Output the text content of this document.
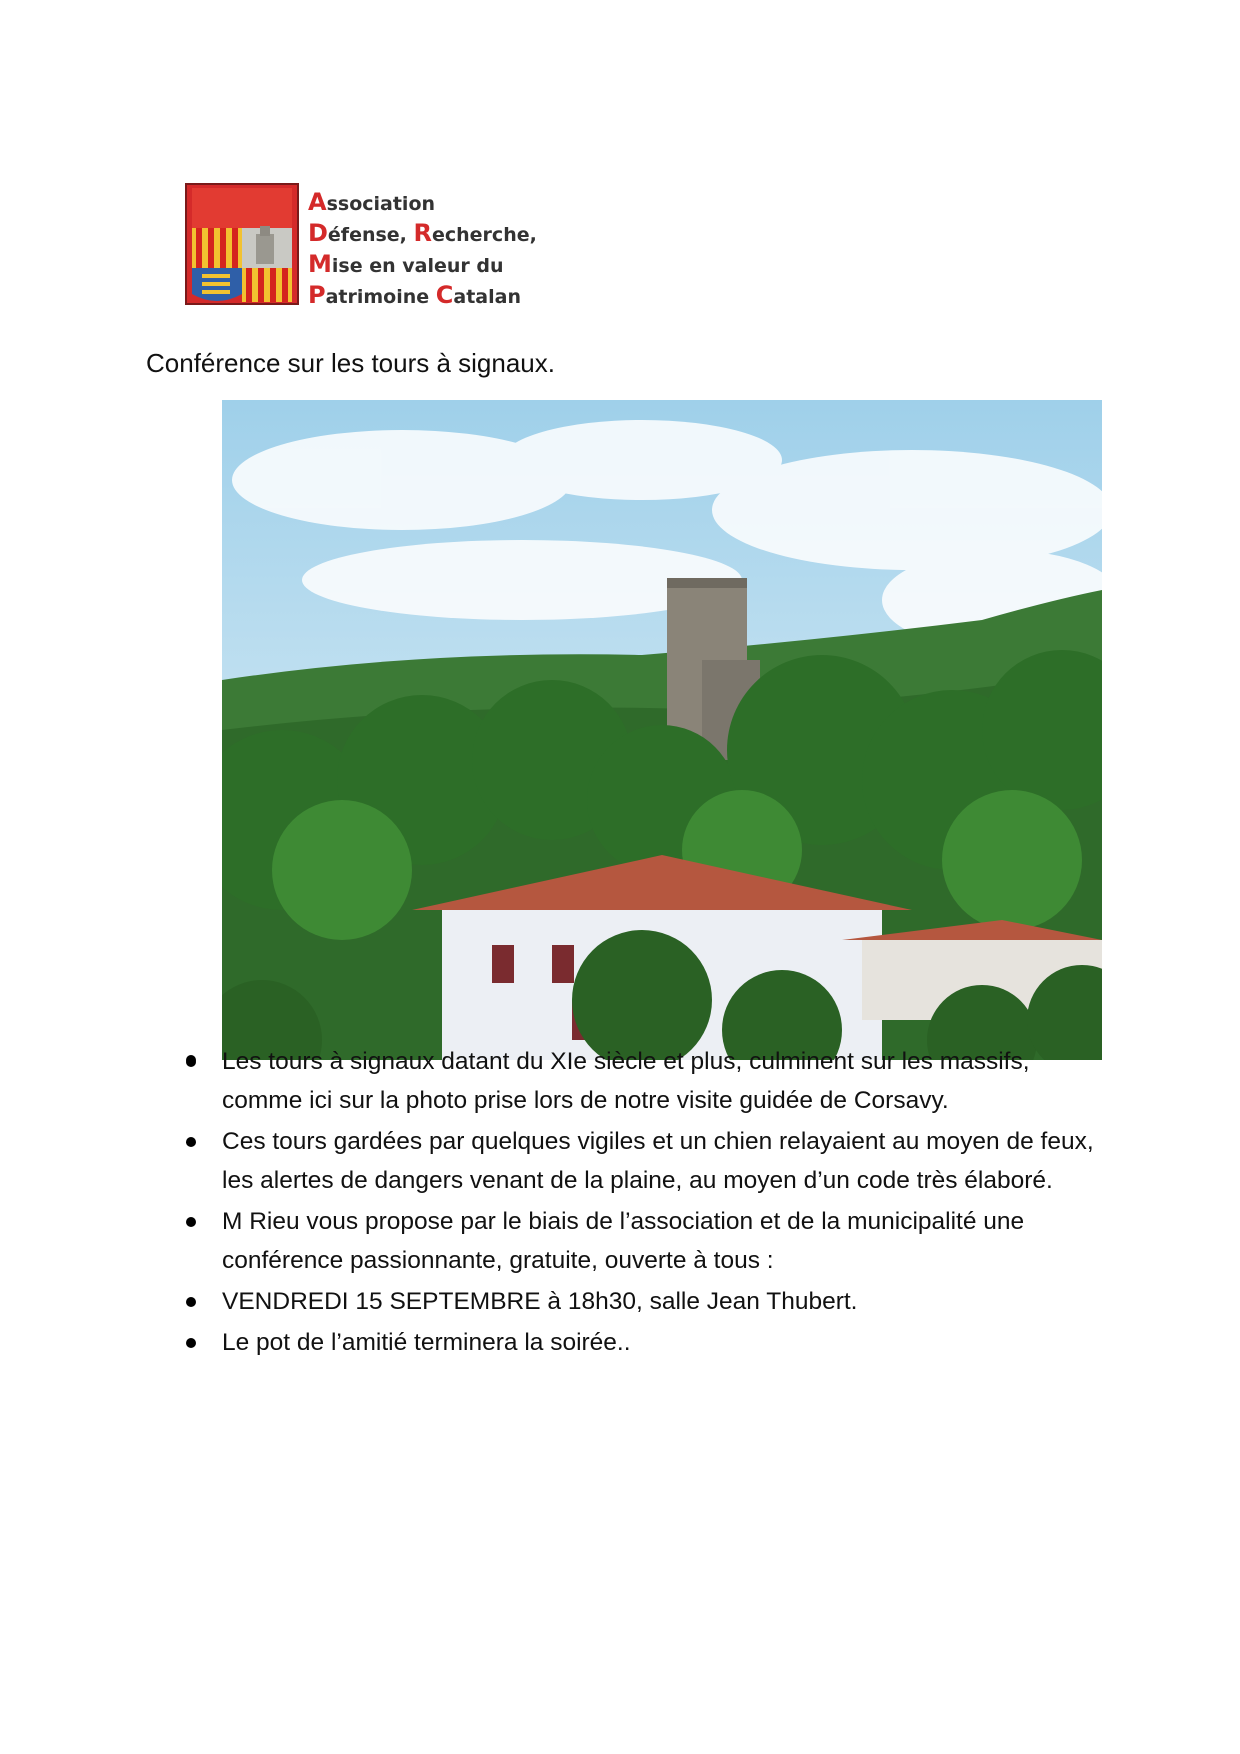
Association
Défense, Recherche,
Mise en valeur du
Patrimoine Catalan
Conférence sur les tours à signaux.
Les tours à signaux datant du XIe siècle et plus, culminent sur les massifs, comme ici sur la photo prise lors de notre visite guidée de Corsavy.
Ces tours gardées par quelques vigiles et un chien relayaient au moyen de feux, les alertes de dangers venant de la plaine, au moyen d’un code très élaboré.
M Rieu vous propose par le biais de l’association et de la municipalité une conférence passionnante, gratuite, ouverte à tous :
VENDREDI 15 SEPTEMBRE à 18h30, salle Jean Thubert.
Le pot de l’amitié terminera la soirée..
